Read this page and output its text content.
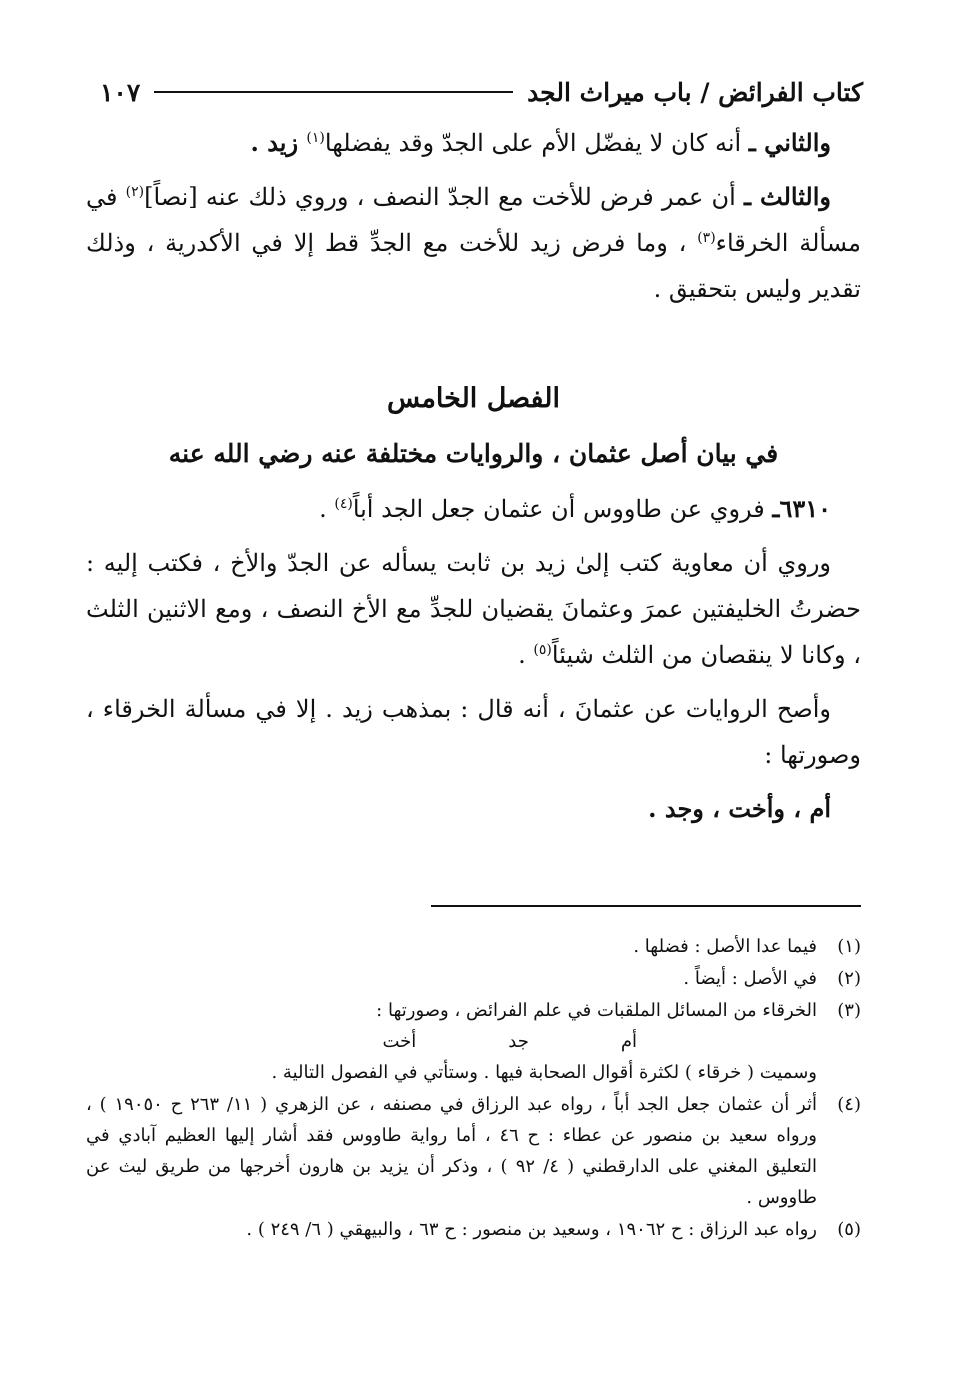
كتاب الفرائض / باب ميراث الجد
١٠٧

والثاني ـ أنه كان لا يفضّل الأم على الجدّ وقد يفضلها$^{(١)}$ زيد .

والثالث ـ أن عمر فرض للأخت مع الجدّ النصف ، وروي ذلك عنه [نصاً]$^{(٢)}$ في مسألة الخرقاء$^{(٣)}$ ، وما فرض زيد للأخت مع الجدِّ قط إلا في الأكدرية ، وذلك تقدير وليس بتحقيق .

الفصل الخامس

في بيان أصل عثمان ، والروايات مختلفة عنه رضي الله عنه

٦٣١٠ـ فروي عن طاووس أن عثمان جعل الجد أباً$^{(٤)}$ .

وروي أن معاوية كتب إلىٰ زيد بن ثابت يسأله عن الجدّ والأخ ، فكتب إليه : حضرتُ الخليفتين عمرَ وعثمانَ يقضيان للجدِّ مع الأخ النصف ، ومع الاثنين الثلث ، وكانا لا ينقصان من الثلث شيئاً$^{(٥)}$ .

وأصح الروايات عن عثمانَ ، أنه قال : بمذهب زيد . إلا في مسألة الخرقاء ، وصورتها :

أم ، وأخت ، وجد .

(١)
فيما عدا الأصل : فضلها .
(٢)
في الأصل : أيضاً .
(٣)
الخرقاء من المسائل الملقبات في علم الفرائض ، وصورتها :
أم
جد
أخت
وسميت ( خرقاء ) لكثرة أقوال الصحابة فيها . وستأتي في الفصول التالية .
(٤)
أثر أن عثمان جعل الجد أباً ، رواه عبد الرزاق في مصنفه ، عن الزهري ( ١١/ ٢٦٣ ح ١٩٠٥٠ ) ، ورواه سعيد بن منصور عن عطاء : ح ٤٦ ، أما رواية طاووس فقد أشار إليها العظيم آبادي في التعليق المغني على الدارقطني ( ٤/ ٩٢ ) ، وذكر أن يزيد بن هارون أخرجها من طريق ليث عن طاووس .
(٥)
رواه عبد الرزاق : ح ١٩٠٦٢ ، وسعيد بن منصور : ح ٦٣ ، والبيهقي ( ٦/ ٢٤٩ ) .
